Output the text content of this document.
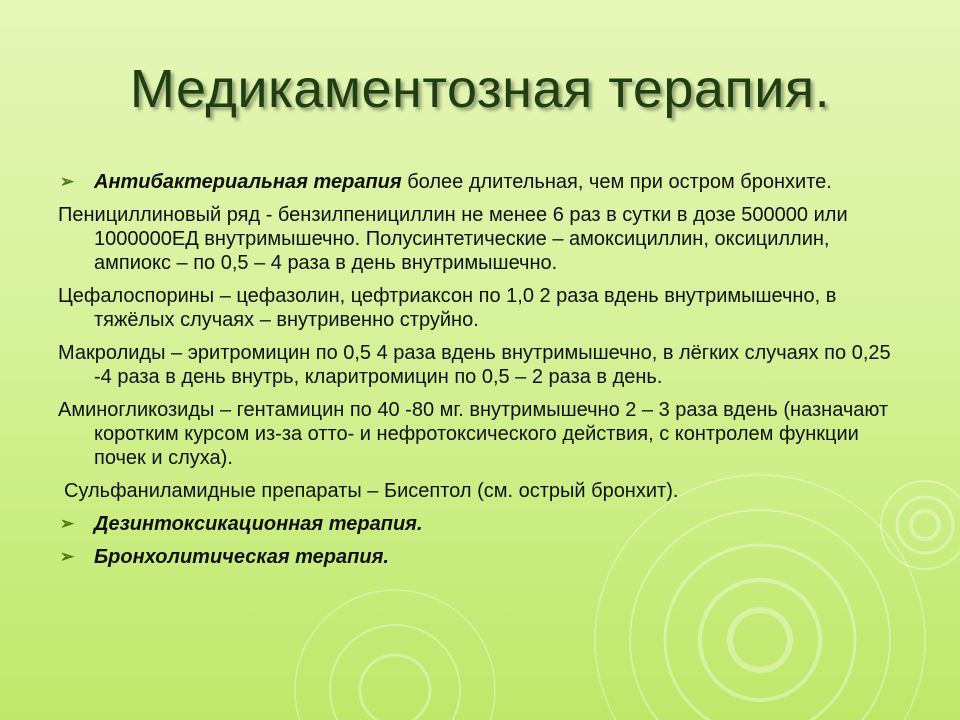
Медикаментозная терапия.

➢ Антибактериальная терапия более длительная, чем при остром бронхите.

Пенициллиновый ряд - бензилпенициллин не менее 6 раз в сутки в дозе 500000 или 1000000ЕД внутримышечно. Полусинтетические – амоксициллин, оксициллин, ампиокс – по 0,5 – 4 раза в день внутримышечно.

Цефалоспорины – цефазолин, цефтриаксон по 1,0 2 раза вдень внутримышечно, в тяжёлых случаях – внутривенно струйно.

Макролиды – эритромицин по 0,5 4 раза вдень внутримышечно, в лёгких случаях по 0,25 -4 раза в день внутрь, кларитромицин по 0,5 – 2 раза в день.

Аминогликозиды – гентамицин по 40 -80 мг. внутримышечно 2 – 3 раза вдень (назначают коротким курсом из-за отто- и нефротоксического действия, с контролем функции почек и слуха).

Сульфаниламидные препараты – Бисептол (см. острый бронхит).

➢ Дезинтоксикационная терапия.

➢ Бронхолитическая терапия.
